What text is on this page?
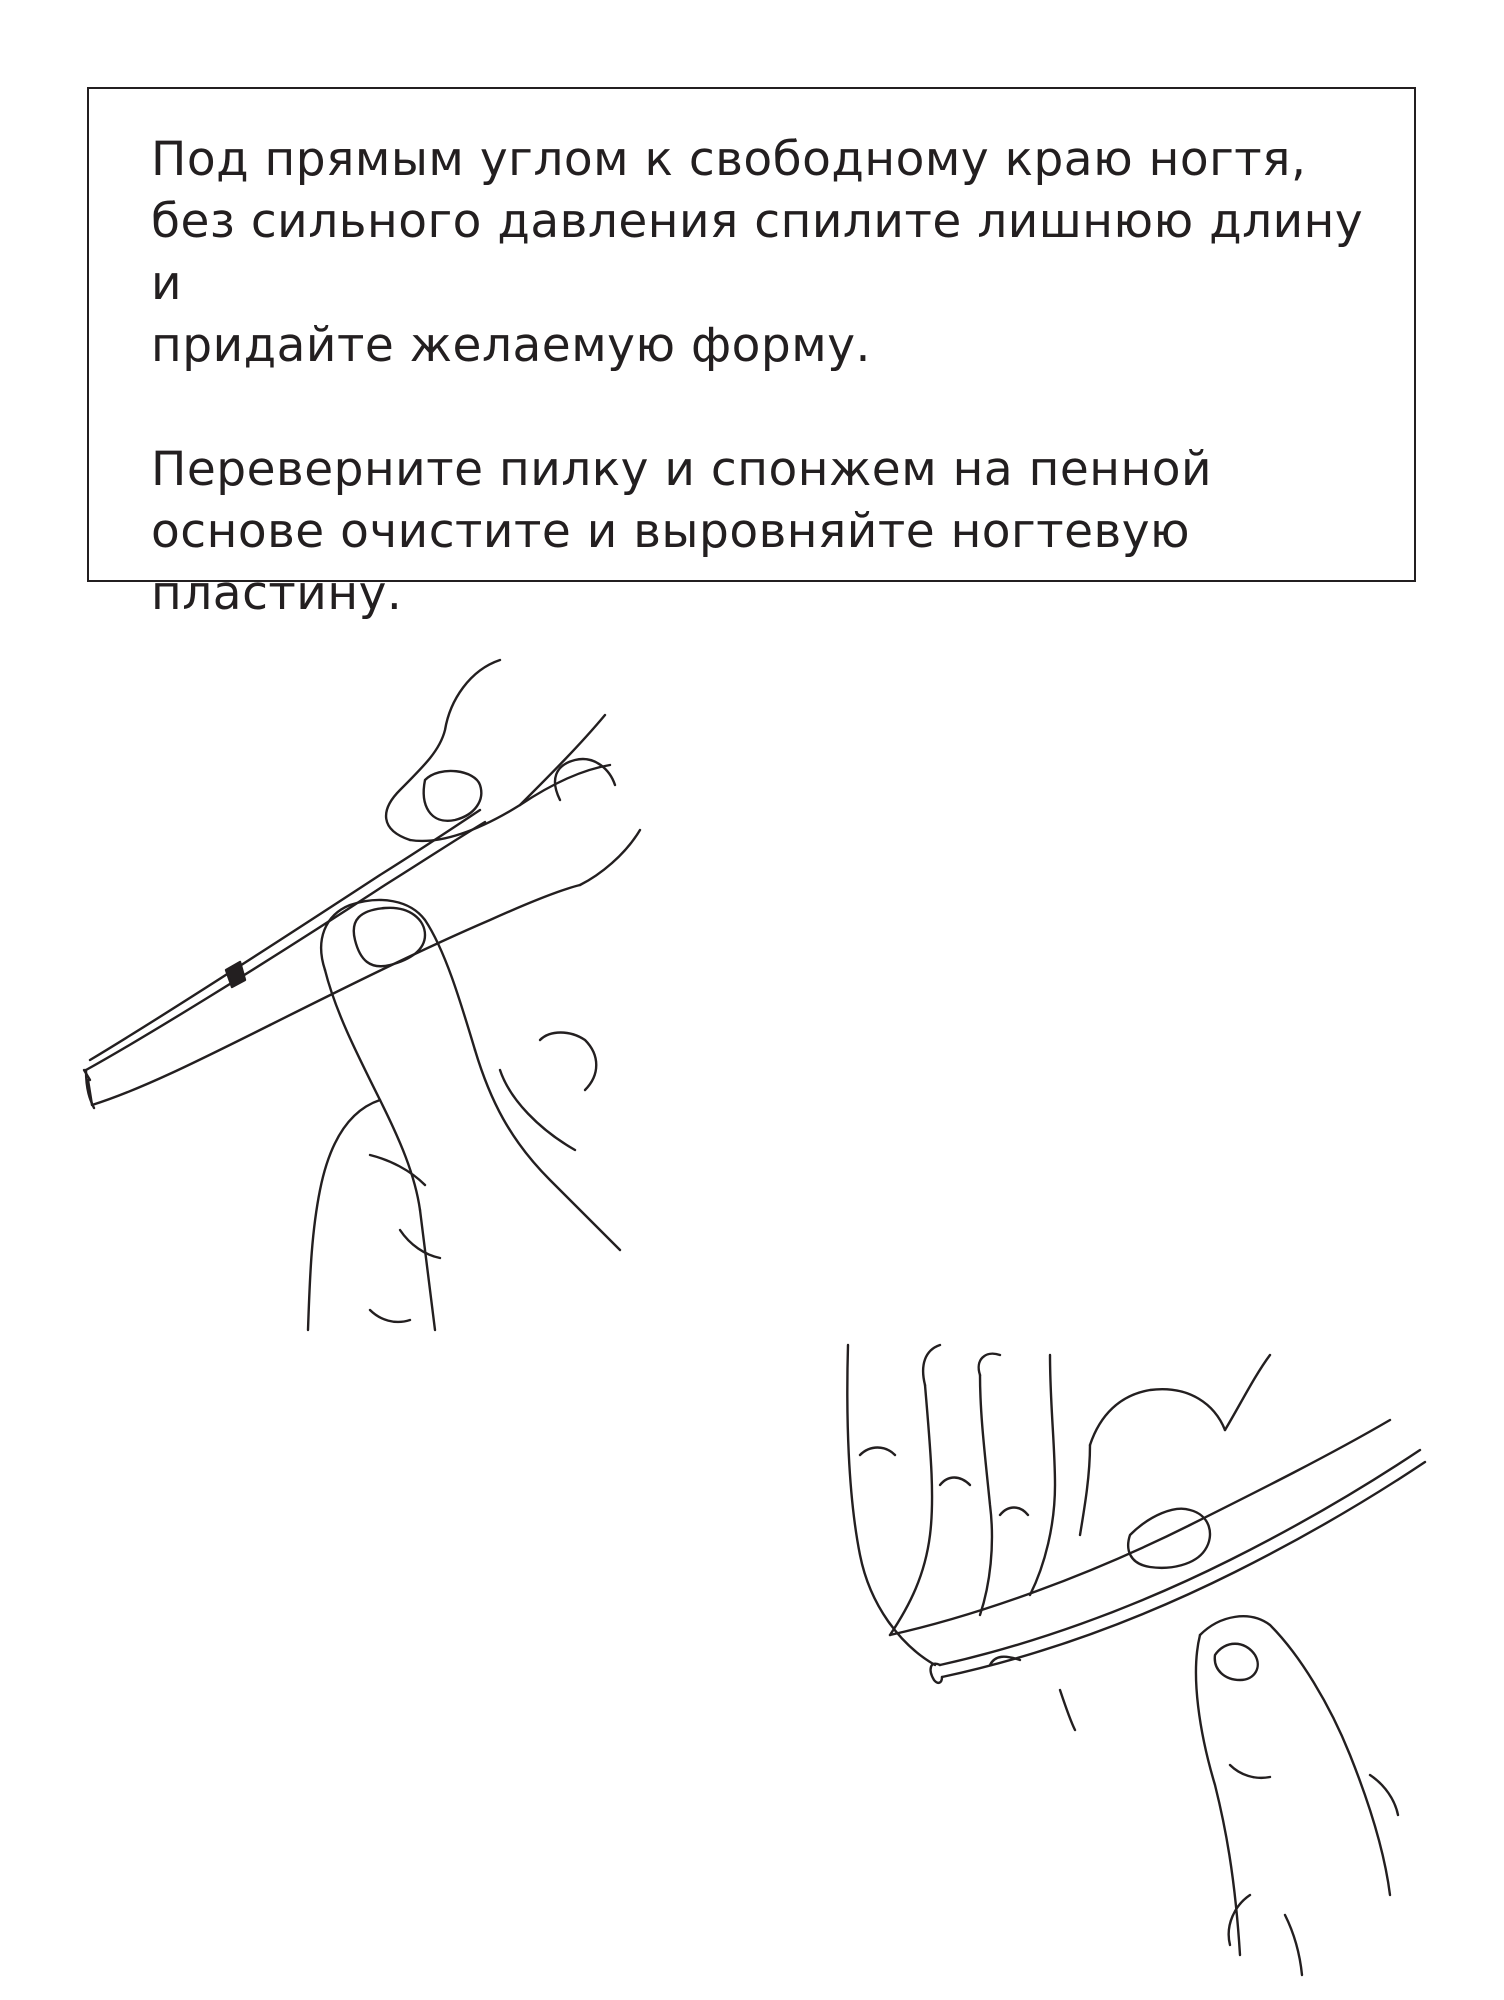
Под прямым углом к свободному краю ногтя,
без сильного давления спилите лишнюю длину и
придайте желаемую форму.

Переверните пилку и спонжем на пенной
основе очистите и выровняйте ногтевую
пластину.
